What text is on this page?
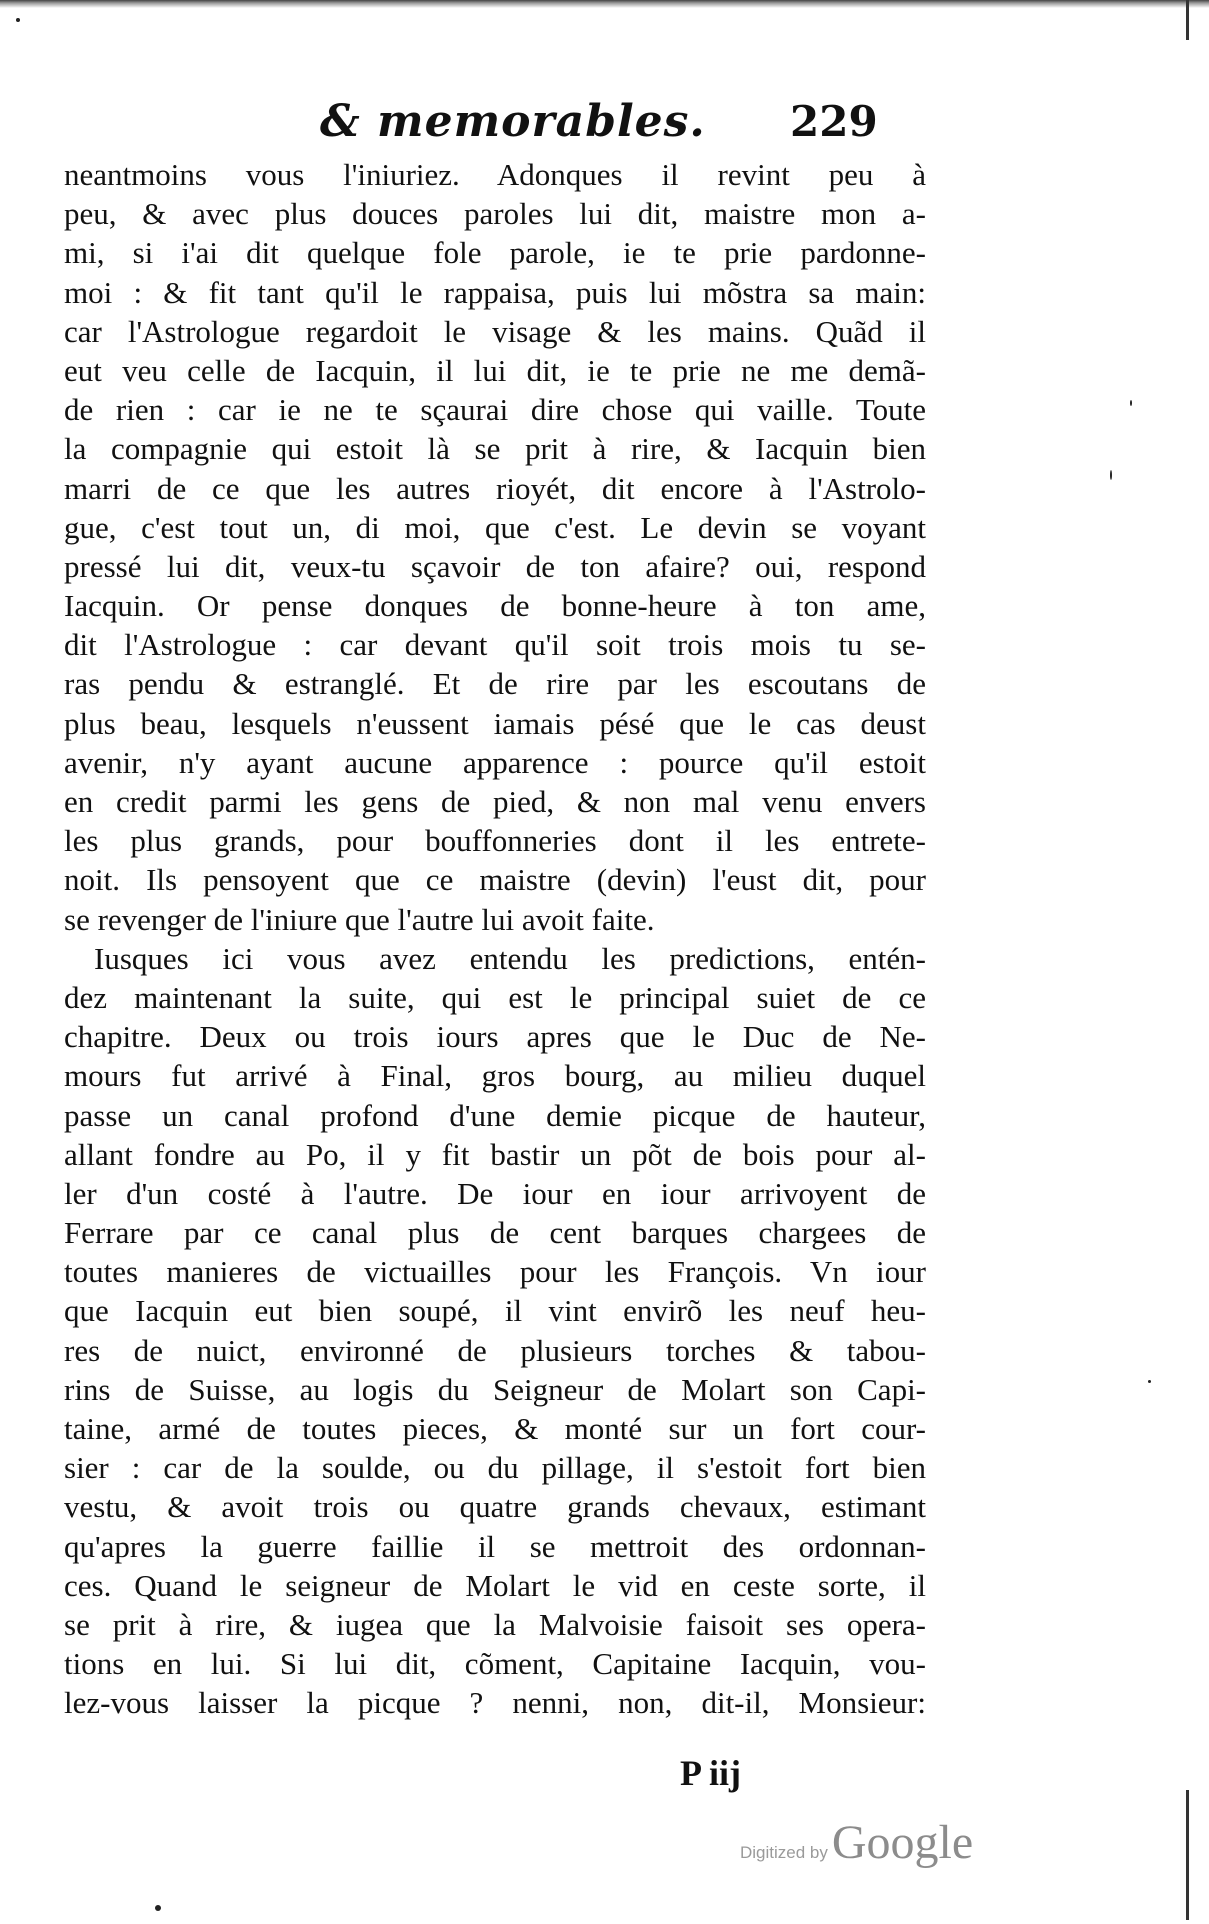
& memorables. 229
neantmoins vous l'iniuriez. Adonques il revint peu à
peu, & avec plus douces paroles lui dit, maistre mon a-
mi, si i'ai dit quelque fole parole, ie te prie pardonne-
moi : & fit tant qu'il le rappaisa, puis lui mõstra sa main:
car l'Astrologue regardoit le visage & les mains. Quãd il
eut veu celle de Iacquin, il lui dit, ie te prie ne me demã-
de rien : car ie ne te sçaurai dire chose qui vaille. Toute
la compagnie qui estoit là se prit à rire, & Iacquin bien
marri de ce que les autres rioyét, dit encore à l'Astrolo-
gue, c'est tout un, di moi, que c'est. Le devin se voyant
pressé lui dit, veux-tu sçavoir de ton afaire? oui, respond
Iacquin. Or pense donques de bonne-heure à ton ame,
dit l'Astrologue : car devant qu'il soit trois mois tu se-
ras pendu & estranglé. Et de rire par les escoutans de
plus beau, lesquels n'eussent iamais pésé que le cas deust
avenir, n'y ayant aucune apparence : pource qu'il estoit
en credit parmi les gens de pied, & non mal venu envers
les plus grands, pour bouffonneries dont il les entrete-
noit. Ils pensoyent que ce maistre (devin) l'eust dit, pour
se revenger de l'iniure que l'autre lui avoit faite.
Iusques ici vous avez entendu les predictions, entén-
dez maintenant la suite, qui est le principal suiet de ce
chapitre. Deux ou trois iours apres que le Duc de Ne-
mours fut arrivé à Final, gros bourg, au milieu duquel
passe un canal profond d'une demie picque de hauteur,
allant fondre au Po, il y fit bastir un põt de bois pour al-
ler d'un costé à l'autre. De iour en iour arrivoyent de
Ferrare par ce canal plus de cent barques chargees de
toutes manieres de victuailles pour les François. Vn iour
que Iacquin eut bien soupé, il vint envirõ les neuf heu-
res de nuict, environné de plusieurs torches & tabou-
rins de Suisse, au logis du Seigneur de Molart son Capi-
taine, armé de toutes pieces, & monté sur un fort cour-
sier : car de la soulde, ou du pillage, il s'estoit fort bien
vestu, & avoit trois ou quatre grands chevaux, estimant
qu'apres la guerre faillie il se mettroit des ordonnan-
ces. Quand le seigneur de Molart le vid en ceste sorte, il
se prit à rire, & iugea que la Malvoisie faisoit ses opera-
tions en lui. Si lui dit, cõment, Capitaine Iacquin, vou-
lez-vous laisser la picque ? nenni, non, dit-il, Monsieur:
P iij
Digitized byGoogle
